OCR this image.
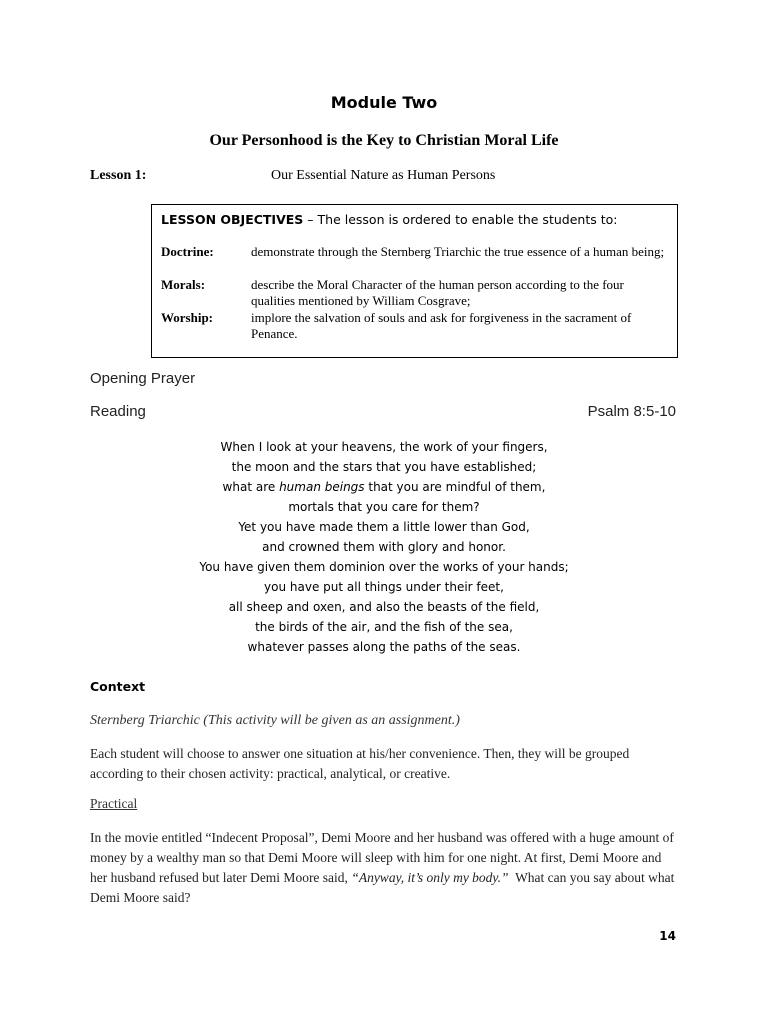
Module Two
Our Personhood is the Key to Christian Moral Life
Lesson 1:	Our Essential Nature as Human Persons
LESSON OBJECTIVES – The lesson is ordered to enable the students to:
Doctrine:	demonstrate through the Sternberg Triarchic the true essence of a human being;
Morals:	describe the Moral Character of the human person according to the four qualities mentioned by William Cosgrave;
Worship:	implore the salvation of souls and ask for forgiveness in the sacrament of Penance.
Opening Prayer
Reading	Psalm 8:5-10
When I look at your heavens, the work of your fingers,
the moon and the stars that you have established;
what are human beings that you are mindful of them,
mortals that you care for them?
Yet you have made them a little lower than God,
and crowned them with glory and honor.
You have given them dominion over the works of your hands;
you have put all things under their feet,
all sheep and oxen, and also the beasts of the field,
the birds of the air, and the fish of the sea,
whatever passes along the paths of the seas.
Context
Sternberg Triarchic (This activity will be given as an assignment.)
Each student will choose to answer one situation at his/her convenience. Then, they will be grouped according to their chosen activity: practical, analytical, or creative.
Practical
In the movie entitled “Indecent Proposal”, Demi Moore and her husband was offered with a huge amount of money by a wealthy man so that Demi Moore will sleep with him for one night. At first, Demi Moore and her husband refused but later Demi Moore said, “Anyway, it’s only my body.”  What can you say about what Demi Moore said?
14
